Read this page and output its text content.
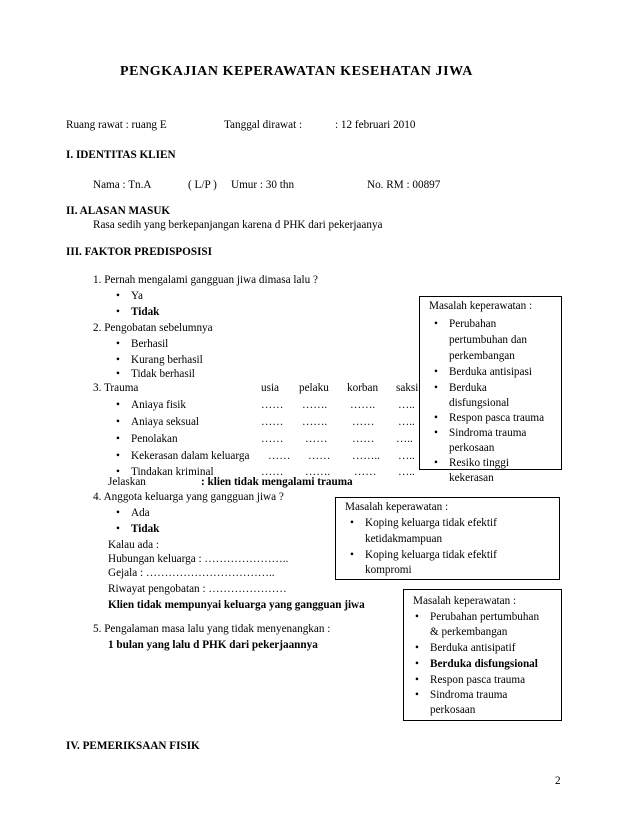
PENGKAJIAN KEPERAWATAN KESEHATAN JIWA
Ruang rawat : ruang E	Tanggal dirawat :	: 12 februari 2010
I. IDENTITAS KLIEN
Nama : Tn.A	( L/P ) Umur : 30 thn	No. RM : 00897
II. ALASAN MASUK
Rasa sedih yang berkepanjangan karena d PHK dari pekerjaanya
III. FAKTOR PREDISPOSISI
1. Pernah mengalami gangguan jiwa dimasa lalu ?
• Ya
• Tidak
2. Pengobatan sebelumnya
• Berhasil
• Kurang berhasil
• Tidak berhasil
3. Trauma	usia pelaku korban saksi
• Aniaya fisik	…… ……. ……. …..
• Aniaya seksual	…… ……. …… …..
• Penolakan	…… …… …… …..
• Kekerasan dalam keluarga …… …… …….. …..
• Tindakan kriminal	…… ……. …… …..
Jelaskan	: klien tidak mengalami trauma
4. Anggota keluarga yang gangguan jiwa ?
• Ada
• Tidak
Kalau ada :
Hubungan keluarga : …………………..
Gejala : ……………………………..
Riwayat pengobatan : …………………
Klien tidak mempunyai keluarga yang gangguan jiwa
5. Pengalaman masa lalu yang tidak menyenangkan :
1 bulan yang lalu d PHK dari pekerjaannya
Masalah keperawatan :
• Perubahan
pertumbuhan dan
perkembangan
• Berduka antisipasi
• Berduka
disfungsional
• Respon pasca trauma
• Sindroma trauma
perkosaan
• Resiko tinggi
kekerasan
Masalah keperawatan :
• Koping keluarga tidak efektif
ketidakmampuan
• Koping keluarga tidak efektif
kompromi
Masalah keperawatan :
• Perubahan pertumbuhan
& perkembangan
• Berduka antisipatif
• Berduka disfungsional
• Respon pasca trauma
• Sindroma trauma
perkosaan
IV. PEMERIKSAAN FISIK
2
